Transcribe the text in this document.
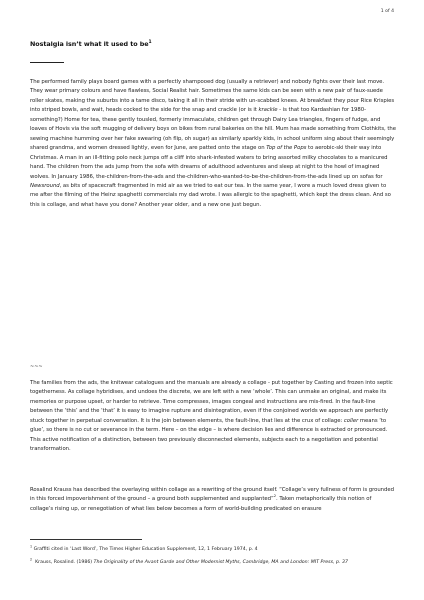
1 of 4
Nostalgia isn’t what it used to $be^1$

The performed family plays board games with a perfectly shampooed dog (usually a retriever) and nobody fights over their last move. They wear primary colours and have flawless, Social Realist hair. Sometimes the same kids can be seen with a new pair of faux-suede roller skates, making the suburbs into a tame disco, taking it all in their stride with un-scabbed knees. At breakfast they pour Rice Krispies into striped bowls, and wait, heads cocked to the side for the snap and crackle (or is it krackle - is that too Kardashian for 1980-something?) Home for tea, these gently tousled, formerly immaculate, children get through Dairy Lea triangles, fingers of fudge, and loaves of Hovis via the soft mugging of delivery boys on bikes from rural bakeries on the hill. Mum has made something from Clothkits, the sewing machine humming over her fake swearing (oh flip, oh sugar) as similarly sparkly kids, in school uniform sing about their seemingly shared grandma, and women dressed lightly, even for June, are patted onto the stage on Top of the Pops to aerobic-ski their way into Christmas. A man in an ill-fitting polo neck jumps off a cliff into shark-infested waters to bring assorted milky chocolates to a manicured hand. The children from the ads jump from the sofa with dreams of adulthood adventures and sleep at night to the howl of imagined wolves. In January 1986, the-children-from-the-ads and the-children-who-wanted-to-be-the-children-from-the-ads lined up on sofas for Newsround, as bits of spacecraft fragmented in mid air as we tried to eat our tea. In the same year, I wore a much loved dress given to me after the filming of the Heinz spaghetti commercials my dad wrote. I was allergic to the spaghetti, which kept the dress clean. And so this is collage, and what have you done? Another year older, and a new one just begun.

~~~

The families from the ads, the knitwear catalogues and the manuals are already a collage - put together by Casting and frozen into septic togetherness. As collage hybridises, and undoes the discrete, we are left with a new ‘whole’. This can unmake an original, and make its memories or purpose upset, or harder to retrieve. Time compresses, images congeal and instructions are mis-fired. In the fault-line between the ‘this’ and the ‘that’ it is easy to imagine rupture and disintegration, even if the conjoined worlds we approach are perfectly stuck together in perpetual conversation. It is the join between elements, the fault-line, that lies at the crux of collage: coller means ‘to glue’, so there is no cut or severance in the term. Here – on the edge – is where decision lies and difference is extracted or pronounced. This active notification of a distinction, between two previously disconnected elements, subjects each to a negotiation and potential transformation.

Rosalind Krauss has described the overlaying within collage as a rewriting of the ground itself. “Collage’s very fullness of form is grounded in this forced impoverishment of the ground – a ground both supplemented and supplanted”$^2$. Taken metaphorically this notion of collage’s rising up, or renegotiation of what lies below becomes a form of world-building predicated on erasure

$^1$ Graffiti cited in ‘Last Word’, The Times Higher Education Supplement, 12, 1 February 1974, p. 4

$^2$  Krauss, Rosalind. (1986) The Originality of the Avant Garde and Other Modernist Myths, Cambridge, MA and London: MIT Press, p. 37
